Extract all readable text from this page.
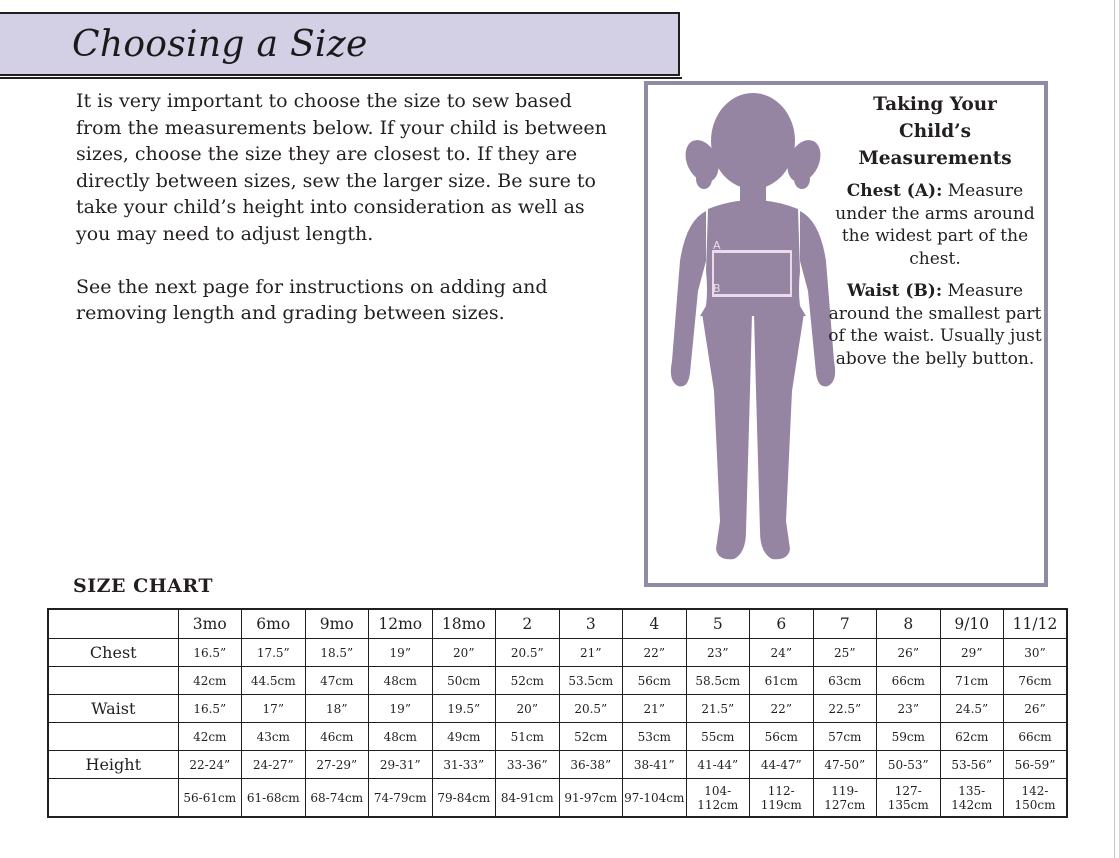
Choosing a Size

It is very important to choose the size to sew based from the measurements below. If your child is between sizes, choose the size they are closest to. If they are directly between sizes, sew the larger size. Be sure to take your child’s height into consideration as well as you may need to adjust length.

See the next page for instructions on adding and removing length and grading between sizes.

A
B
Taking Your
Child’s Measurements
Chest (A): Measure under the arms around the widest part of the chest.
Waist (B): Measure around the smallest part of the waist. Usually just above the belly button.
SIZE CHART
	3mo	6mo	9mo	12mo	18mo	2	3	4	5	6	7	8	9/10	11/12
Chest	16.5”	17.5”	18.5”	19”	20”	20.5”	21”	22”	23”	24”	25”	26”	29”	30”
	42cm	44.5cm	47cm	48cm	50cm	52cm	53.5cm	56cm	58.5cm	61cm	63cm	66cm	71cm	76cm
Waist	16.5”	17”	18”	19”	19.5”	20”	20.5”	21”	21.5”	22”	22.5”	23”	24.5”	26”
	42cm	43cm	46cm	48cm	49cm	51cm	52cm	53cm	55cm	56cm	57cm	59cm	62cm	66cm
Height	22-24”	24-27”	27-29”	29-31”	31-33”	33-36”	36-38”	38-41”	41-44”	44-47”	47-50”	50-53”	53-56”	56-59”
	56-61cm	61-68cm	68-74cm	74-79cm	79-84cm	84-91cm	91-97cm	97-104cm	104-112cm	112-119cm	119-127cm	127-135cm	135-142cm	142-150cm
